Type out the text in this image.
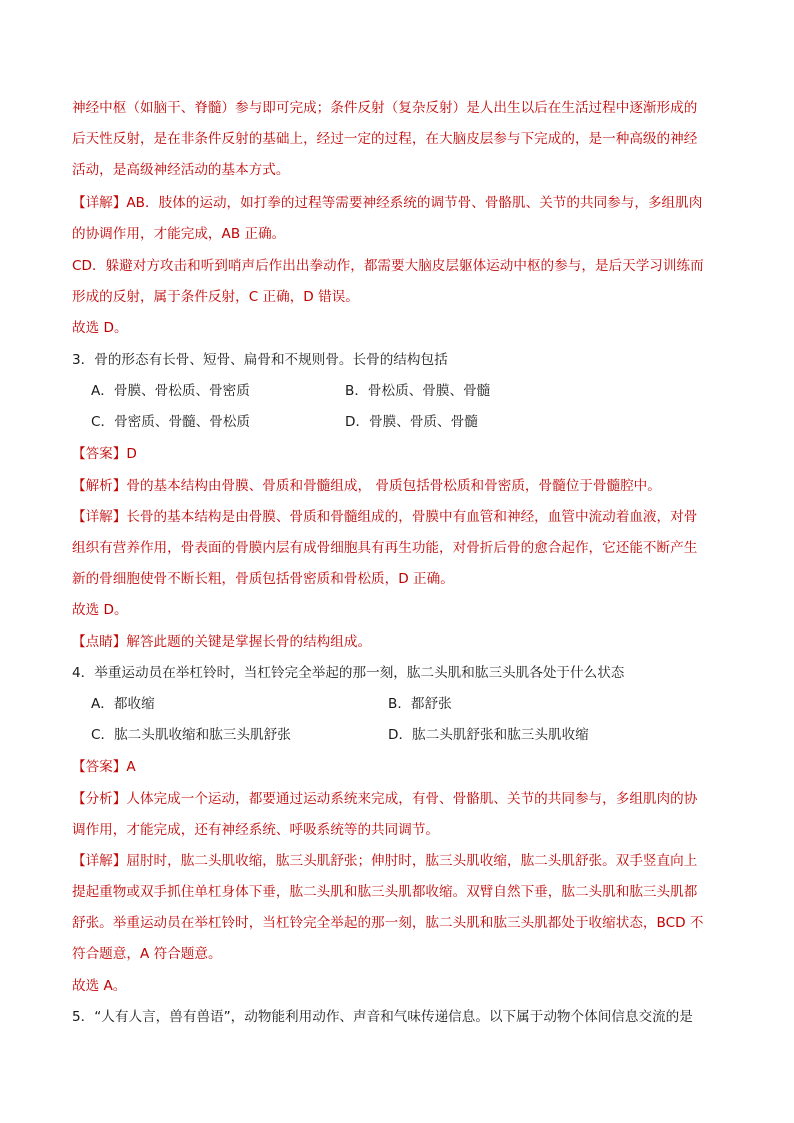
神经中枢（如脑干、脊髓）参与即可完成；条件反射（复杂反射）是人出生以后在生活过程中逐渐形成的
后天性反射，是在非条件反射的基础上，经过一定的过程，在大脑皮层参与下完成的，是一种高级的神经
活动，是高级神经活动的基本方式。
【详解】AB．肢体的运动，如打拳的过程等需要神经系统的调节骨、骨骼肌、关节的共同参与，多组肌肉
的协调作用，才能完成，AB 正确。
CD．躲避对方攻击和听到哨声后作出出拳动作，都需要大脑皮层躯体运动中枢的参与，是后天学习训练而
形成的反射，属于条件反射，C 正确，D 错误。
故选 D。
3．骨的形态有长骨、短骨、扁骨和不规则骨。长骨的结构包括
A．骨膜、骨松质、骨密质	B．骨松质、骨膜、骨髓
C．骨密质、骨髓、骨松质	D．骨膜、骨质、骨髓
【答案】D
【解析】骨的基本结构由骨膜、骨质和骨髓组成， 骨质包括骨松质和骨密质，骨髓位于骨髓腔中。
【详解】长骨的基本结构是由骨膜、骨质和骨髓组成的，骨膜中有血管和神经，血管中流动着血液，对骨
组织有营养作用，骨表面的骨膜内层有成骨细胞具有再生功能，对骨折后骨的愈合起作，它还能不断产生
新的骨细胞使骨不断长粗，骨质包括骨密质和骨松质，D 正确。
故选 D。
【点睛】解答此题的关键是掌握长骨的结构组成。
4．举重运动员在举杠铃时，当杠铃完全举起的那一刻，肱二头肌和肱三头肌各处于什么状态
A．都收缩	B．都舒张
C．肱二头肌收缩和肱三头肌舒张	D．肱二头肌舒张和肱三头肌收缩
【答案】A
【分析】人体完成一个运动，都要通过运动系统来完成，有骨、骨骼肌、关节的共同参与，多组肌肉的协
调作用，才能完成，还有神经系统、呼吸系统等的共同调节。
【详解】屈肘时，肱二头肌收缩，肱三头肌舒张；伸肘时，肱三头肌收缩，肱二头肌舒张。双手竖直向上
提起重物或双手抓住单杠身体下垂，肱二头肌和肱三头肌都收缩。双臂自然下垂，肱二头肌和肱三头肌都
舒张。举重运动员在举杠铃时，当杠铃完全举起的那一刻，肱二头肌和肱三头肌都处于收缩状态，BCD 不
符合题意，A 符合题意。
故选 A。
5．“人有人言，兽有兽语”，动物能利用动作、声音和气味传递信息。以下属于动物个体间信息交流的是
